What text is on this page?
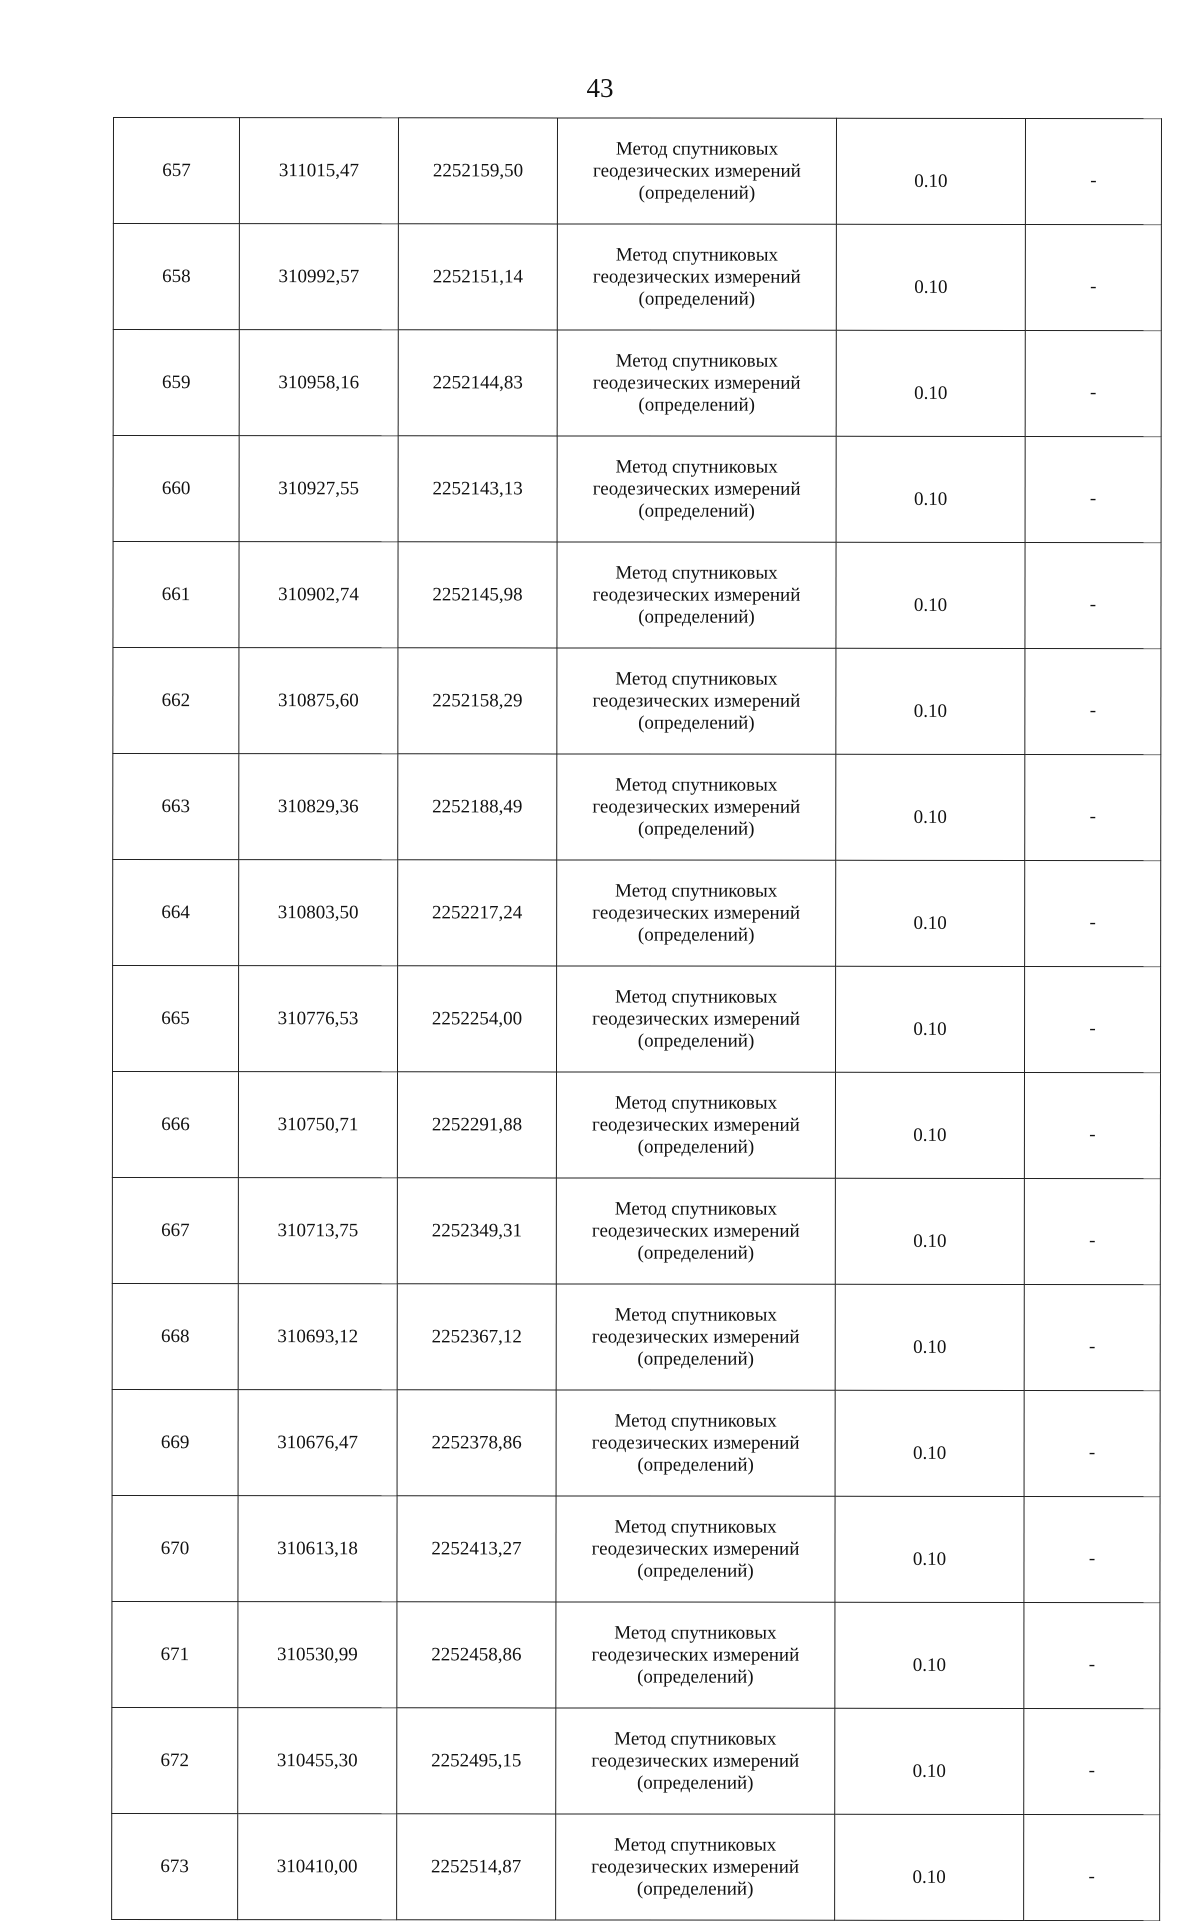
43
657	311015,47	2252159,50	Метод спутниковых
геодезических измерений
(определений)	0.10	-
658	310992,57	2252151,14	Метод спутниковых
геодезических измерений
(определений)	0.10	-
659	310958,16	2252144,83	Метод спутниковых
геодезических измерений
(определений)	0.10	-
660	310927,55	2252143,13	Метод спутниковых
геодезических измерений
(определений)	0.10	-
661	310902,74	2252145,98	Метод спутниковых
геодезических измерений
(определений)	0.10	-
662	310875,60	2252158,29	Метод спутниковых
геодезических измерений
(определений)	0.10	-
663	310829,36	2252188,49	Метод спутниковых
геодезических измерений
(определений)	0.10	-
664	310803,50	2252217,24	Метод спутниковых
геодезических измерений
(определений)	0.10	-
665	310776,53	2252254,00	Метод спутниковых
геодезических измерений
(определений)	0.10	-
666	310750,71	2252291,88	Метод спутниковых
геодезических измерений
(определений)	0.10	-
667	310713,75	2252349,31	Метод спутниковых
геодезических измерений
(определений)	0.10	-
668	310693,12	2252367,12	Метод спутниковых
геодезических измерений
(определений)	0.10	-
669	310676,47	2252378,86	Метод спутниковых
геодезических измерений
(определений)	0.10	-
670	310613,18	2252413,27	Метод спутниковых
геодезических измерений
(определений)	0.10	-
671	310530,99	2252458,86	Метод спутниковых
геодезических измерений
(определений)	0.10	-
672	310455,30	2252495,15	Метод спутниковых
геодезических измерений
(определений)	0.10	-
673	310410,00	2252514,87	Метод спутниковых
геодезических измерений
(определений)	0.10	-
